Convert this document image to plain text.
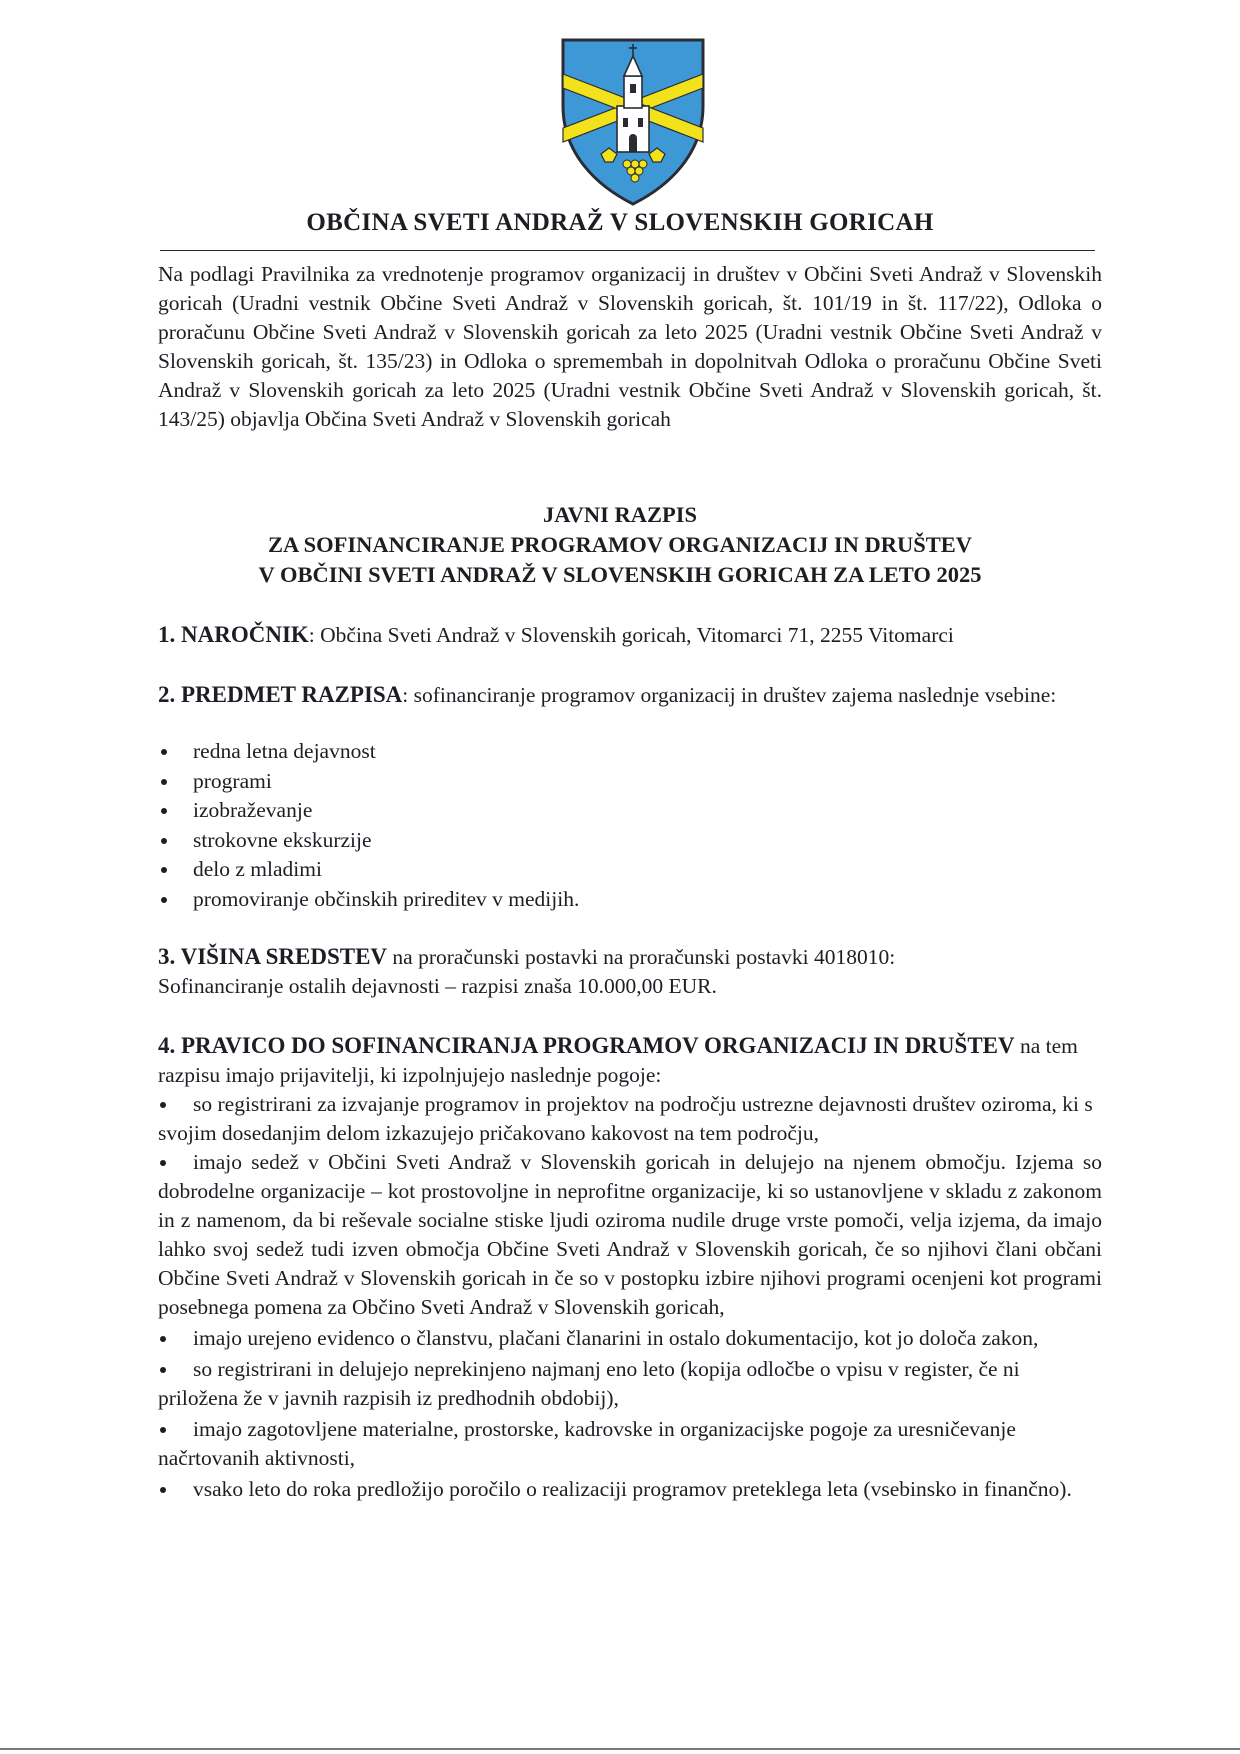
OBČINA SVETI ANDRAŽ V SLOVENSKIH GORICAH
Na podlagi Pravilnika za vrednotenje programov organizacij in društev v Občini Sveti Andraž v Slovenskih goricah (Uradni vestnik Občine Sveti Andraž v Slovenskih goricah, št. 101/19 in št. 117/22), Odloka o proračunu Občine Sveti Andraž v Slovenskih goricah za leto 2025 (Uradni vestnik Občine Sveti Andraž v Slovenskih goricah, št. 135/23) in Odloka o spremembah in dopolnitvah Odloka o proračunu Občine Sveti Andraž v Slovenskih goricah za leto 2025 (Uradni vestnik Občine Sveti Andraž v Slovenskih goricah, št. 143/25) objavlja Občina Sveti Andraž v Slovenskih goricah
JAVNI RAZPIS
ZA SOFINANCIRANJE PROGRAMOV ORGANIZACIJ IN DRUŠTEV
V OBČINI SVETI ANDRAŽ V SLOVENSKIH GORICAH ZA LETO 2025
1. NAROČNIK: Občina Sveti Andraž v Slovenskih goricah, Vitomarci 71, 2255 Vitomarci
2. PREDMET RAZPISA: sofinanciranje programov organizacij in društev zajema naslednje vsebine:
redna letna dejavnost
programi
izobraževanje
strokovne ekskurzije
delo z mladimi
promoviranje občinskih prireditev v medijih.
3. VIŠINA SREDSTEV na proračunski postavki na proračunski postavki 4018010:
Sofinanciranje ostalih dejavnosti – razpisi znaša 10.000,00 EUR.
4. PRAVICO DO SOFINANCIRANJA PROGRAMOV ORGANIZACIJ IN DRUŠTEV na tem razpisu imajo prijavitelji, ki izpolnjujejo naslednje pogoje:
so registrirani za izvajanje programov in projektov na področju ustrezne dejavnosti društev oziroma, ki s svojim dosedanjim delom izkazujejo pričakovano kakovost na tem področju,
imajo sedež v Občini Sveti Andraž v Slovenskih goricah in delujejo na njenem območju. Izjema so dobrodelne organizacije – kot prostovoljne in neprofitne organizacije, ki so ustanovljene v skladu z zakonom in z namenom, da bi reševale socialne stiske ljudi oziroma nudile druge vrste pomoči, velja izjema, da imajo lahko svoj sedež tudi izven območja Občine Sveti Andraž v Slovenskih goricah, če so njihovi člani občani Občine Sveti Andraž v Slovenskih goricah in če so v postopku izbire njihovi programi ocenjeni kot programi posebnega pomena za Občino Sveti Andraž v Slovenskih goricah,
imajo urejeno evidenco o članstvu, plačani članarini in ostalo dokumentacijo, kot jo določa zakon,
so registrirani in delujejo neprekinjeno najmanj eno leto (kopija odločbe o vpisu v register, če ni priložena že v javnih razpisih iz predhodnih obdobij),
imajo zagotovljene materialne, prostorske, kadrovske in organizacijske pogoje za uresničevanje načrtovanih aktivnosti,
vsako leto do roka predložijo poročilo o realizaciji programov preteklega leta (vsebinsko in finančno).
